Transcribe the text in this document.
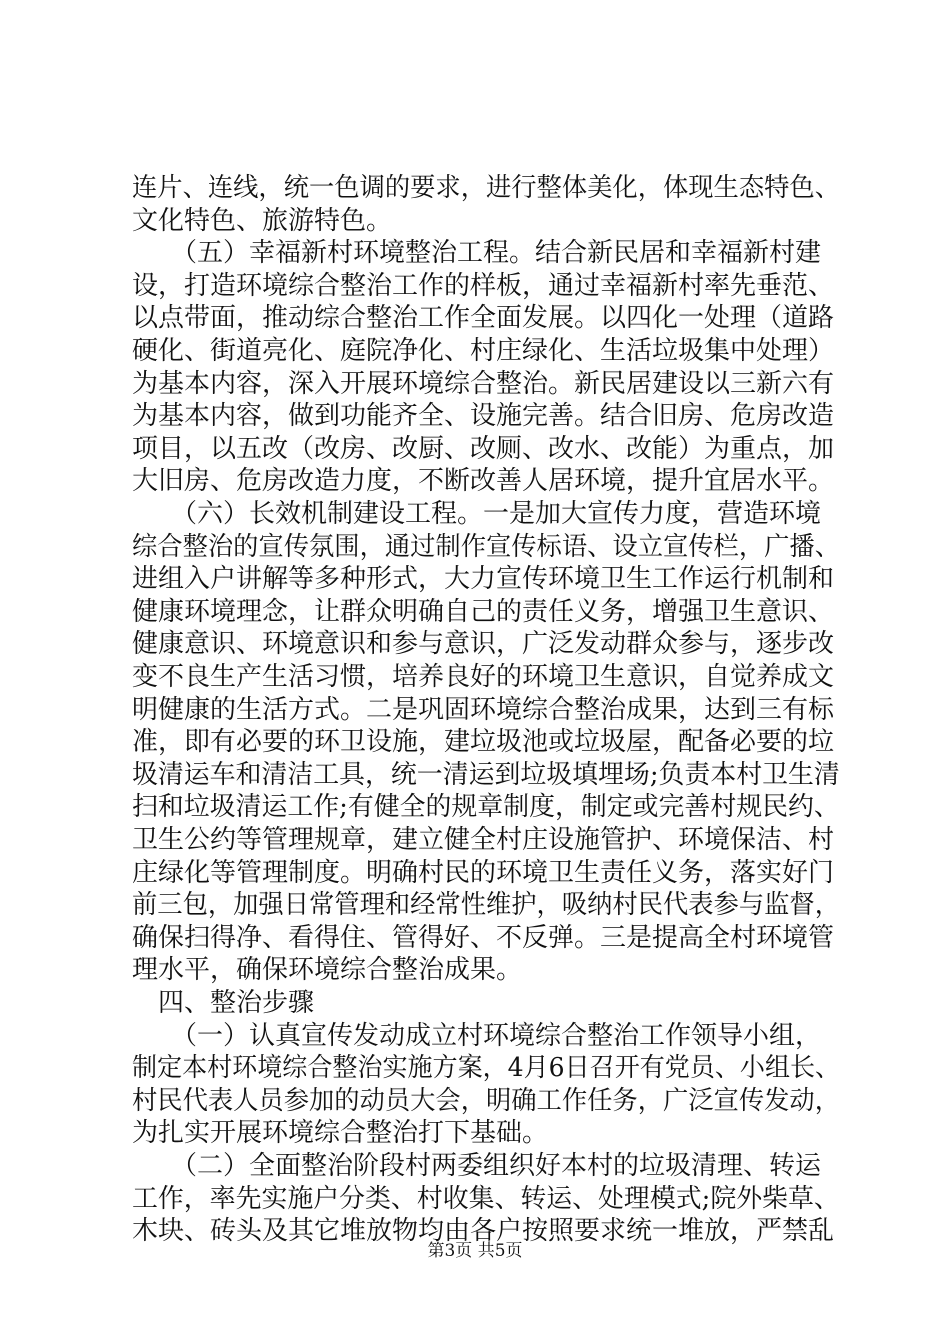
连片、连线，统一色调的要求，进行整体美化，体现生态特色、
文化特色、旅游特色。
　　（五）幸福新村环境整治工程。结合新民居和幸福新村建
设，打造环境综合整治工作的样板，通过幸福新村率先垂范、
以点带面，推动综合整治工作全面发展。以四化一处理（道路
硬化、街道亮化、庭院净化、村庄绿化、生活垃圾集中处理）
为基本内容，深入开展环境综合整治。新民居建设以三新六有
为基本内容，做到功能齐全、设施完善。结合旧房、危房改造
项目，以五改（改房、改厨、改厕、改水、改能）为重点，加
大旧房、危房改造力度，不断改善人居环境，提升宜居水平。
　　（六）长效机制建设工程。一是加大宣传力度，营造环境
综合整治的宣传氛围，通过制作宣传标语、设立宣传栏，广播、
进组入户讲解等多种形式，大力宣传环境卫生工作运行机制和
健康环境理念，让群众明确自己的责任义务，增强卫生意识、
健康意识、环境意识和参与意识，广泛发动群众参与，逐步改
变不良生产生活习惯，培养良好的环境卫生意识，自觉养成文
明健康的生活方式。二是巩固环境综合整治成果，达到三有标
准，即有必要的环卫设施，建垃圾池或垃圾屋，配备必要的垃
圾清运车和清洁工具，统一清运到垃圾填埋场;负责本村卫生清
扫和垃圾清运工作;有健全的规章制度，制定或完善村规民约、
卫生公约等管理规章，建立健全村庄设施管护、环境保洁、村
庄绿化等管理制度。明确村民的环境卫生责任义务，落实好门
前三包，加强日常管理和经常性维护，吸纳村民代表参与监督，
确保扫得净、看得住、管得好、不反弹。三是提高全村环境管
理水平，确保环境综合整治成果。
　四、整治步骤
　　（一）认真宣传发动成立村环境综合整治工作领导小组，
制定本村环境综合整治实施方案，4月6日召开有党员、小组长、
村民代表人员参加的动员大会，明确工作任务，广泛宣传发动，
为扎实开展环境综合整治打下基础。
　　（二）全面整治阶段村两委组织好本村的垃圾清理、转运
工作，率先实施户分类、村收集、转运、处理模式;院外柴草、
木块、砖头及其它堆放物均由各户按照要求统一堆放，严禁乱
第3页 共5页
